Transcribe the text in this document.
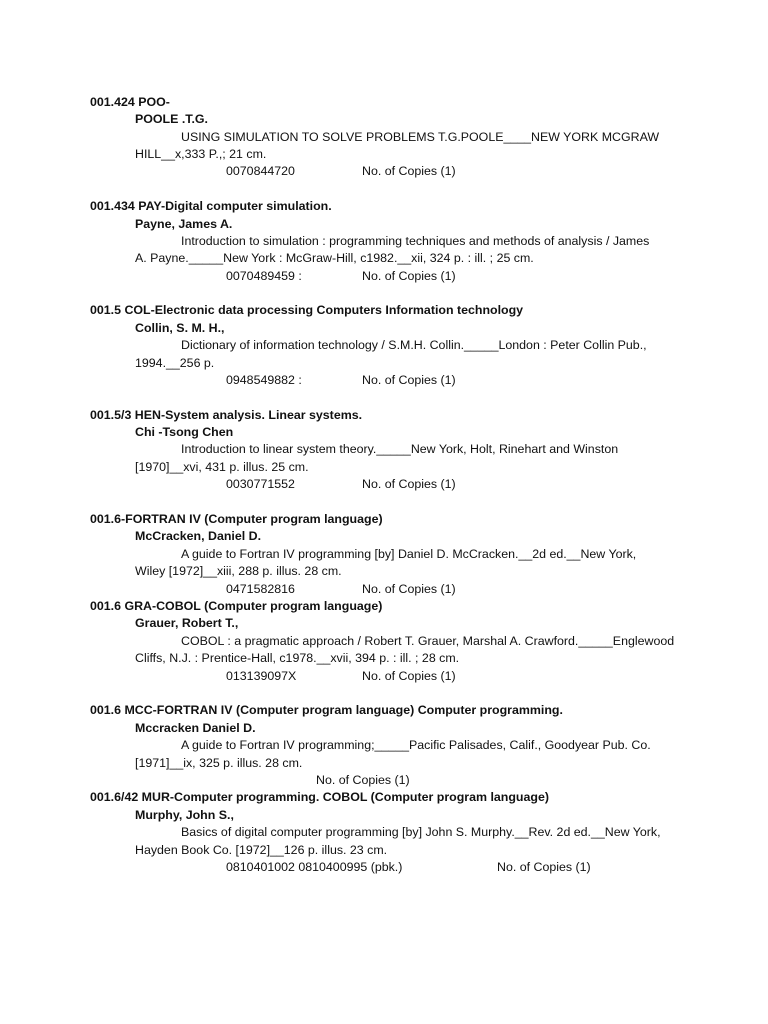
001.424 POO-
POOLE .T.G.
USING SIMULATION TO SOLVE PROBLEMS T.G.POOLE____NEW YORK MCGRAW
HILL__x,333 P.,; 21 cm.
0070844720	No. of Copies (1)
001.434 PAY-Digital computer simulation.
Payne, James A.
Introduction to simulation : programming techniques and methods of analysis / James
A. Payne._____New York : McGraw-Hill, c1982.__xii, 324 p. : ill. ; 25 cm.
0070489459 :	No. of Copies (1)
001.5 COL-Electronic data processing Computers Information technology
Collin, S. M. H.,
Dictionary of information technology / S.M.H. Collin._____London : Peter Collin Pub.,
1994.__256 p.
0948549882 :	No. of Copies (1)
001.5/3 HEN-System analysis. Linear systems.
Chi -Tsong Chen
Introduction to linear system theory._____New York, Holt, Rinehart and Winston
[1970]__xvi, 431 p. illus. 25 cm.
0030771552	No. of Copies (1)
001.6-FORTRAN IV (Computer program language)
McCracken, Daniel D.
A guide to Fortran IV programming [by] Daniel D. McCracken.__2d ed.__New York,
Wiley [1972]__xiii, 288 p. illus. 28 cm.
0471582816	No. of Copies (1)
001.6 GRA-COBOL (Computer program language)
Grauer, Robert T.,
COBOL : a pragmatic approach / Robert T. Grauer, Marshal A. Crawford._____Englewood
Cliffs, N.J. : Prentice-Hall, c1978.__xvii, 394 p. : ill. ; 28 cm.
013139097X	No. of Copies (1)
001.6 MCC-FORTRAN IV (Computer program language) Computer programming.
Mccracken Daniel D.
A guide to Fortran IV programming;_____Pacific Palisades, Calif., Goodyear Pub. Co.
[1971]__ix, 325 p. illus. 28 cm.
No. of Copies (1)
001.6/42 MUR-Computer programming. COBOL (Computer program language)
Murphy, John S.,
Basics of digital computer programming [by] John S. Murphy.__Rev. 2d ed.__New York,
Hayden Book Co. [1972]__126 p. illus. 23 cm.
0810401002 0810400995 (pbk.)	No. of Copies (1)
